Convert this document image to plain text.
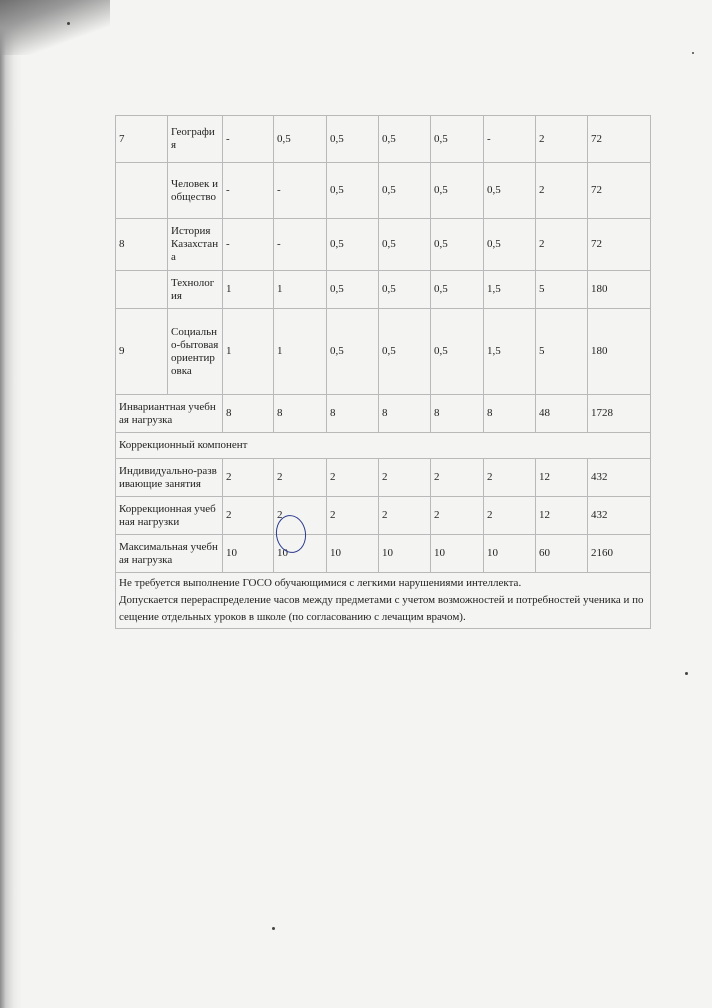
7	География	-	0,5	0,5	0,5	0,5	-	2	72
	Человек и общество	-	-	0,5	0,5	0,5	0,5	2	72
8	История Казахстана	-	-	0,5	0,5	0,5	0,5	2	72
	Технология	1	1	0,5	0,5	0,5	1,5	5	180
9	Социально-бытовая ориентировка	1	1	0,5	0,5	0,5	1,5	5	180
Инвариантная учебная нагрузка		8	8	8	8	8	8	48	1728
Коррекционный компонент									
Индивидуально-развивающие занятия		2	2	2	2	2	2	12	432
Коррекционная учебная нагрузки		2	2	2	2	2	2	12	432
Максимальная учебная нагрузка		10	10	10	10	10	10	60	2160

Не требуется выполнение ГОСО обучающимися с легкими нарушениями интеллекта.
Допускается перераспределение часов между предметами с учетом возможностей и потребностей ученика и посещение отдельных уроков в школе (по согласованию с лечащим врачом).									
